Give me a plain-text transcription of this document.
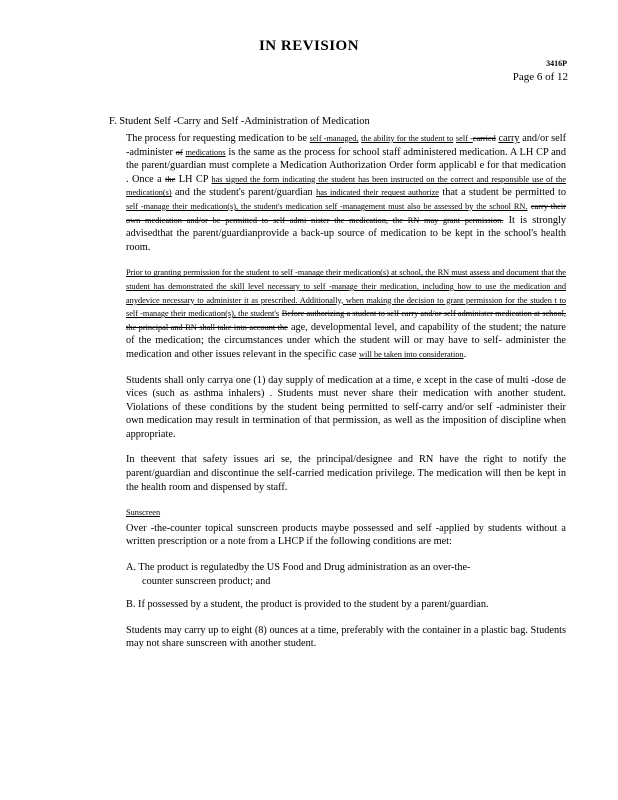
IN REVISION
3416P
Page 6 of 12
F. Student Self -Carry and Self -Administration of Medication

The process for requesting medication to be self -managed, the ability for the student to self -carried carry and/or self -administer of medications is the same as the process for school staff administered medication. A LH CP and the parent/guardian must complete a Medication Authorization Order form applicabl e for that medication . Once a the LH CP has signed the form indicating the student has been instructed on the correct and responsible use of the medication(s) and the student's parent/guardian has indicated their request authorize that a student be permitted to self -manage their medication(s), the student's medication self -management must also be assessed by the school RN. carry their own medication and/or be permitted to self admi nister the medication, the RN may grant permission. It is strongly advisedthat the parent/guardianprovide a back-up source of medication to be kept in the school's health room.

Prior to granting permission for the student to self -manage their medication(s) at school, the RN must assess and document that the student has demonstrated the skill level necessary to self -manage their medication, including how to use the medication and anydevice necessary to administer it as prescribed. Additionally, when making the decision to grant permission for the studen t to self -manage their medication(s), the student's Before authorizing a student to self carry and/or self administer medication at school, the principal and RN shall take into account the age, developmental level, and capability of the student; the nature of the medication; the circumstances under which the student will or may have to self- administer the medication and other issues relevant in the specific case will be taken into consideration.

Students shall only carrya one (1) day supply of medication at a time, e xcept in the case of multi -dose de vices (such as asthma inhalers) . Students must never share their medication with another student. Violations of these conditions by the student being permitted to self-carry and/or self -administer their own medication may result in termination of that permission, as well as the imposition of discipline when appropriate.

In theevent that safety issues ari se, the principal/designee and RN have the right to notify the parent/guardian and discontinue the self-carried medication privilege. The medication will then be kept in the health room and dispensed by staff.

Sunscreen

Over -the-counter topical sunscreen products maybe possessed and self -applied by students without a written prescription or a note from a LHCP if the following conditions are met:

A. The product is regulatedby the US Food and Drug administration as an over-the-
counter sunscreen product; and

B. If possessed by a student, the product is provided to the student by a parent/guardian.

Students may carry up to eight (8) ounces at a time, preferably with the container in a plastic bag. Students may not share sunscreen with another student.
